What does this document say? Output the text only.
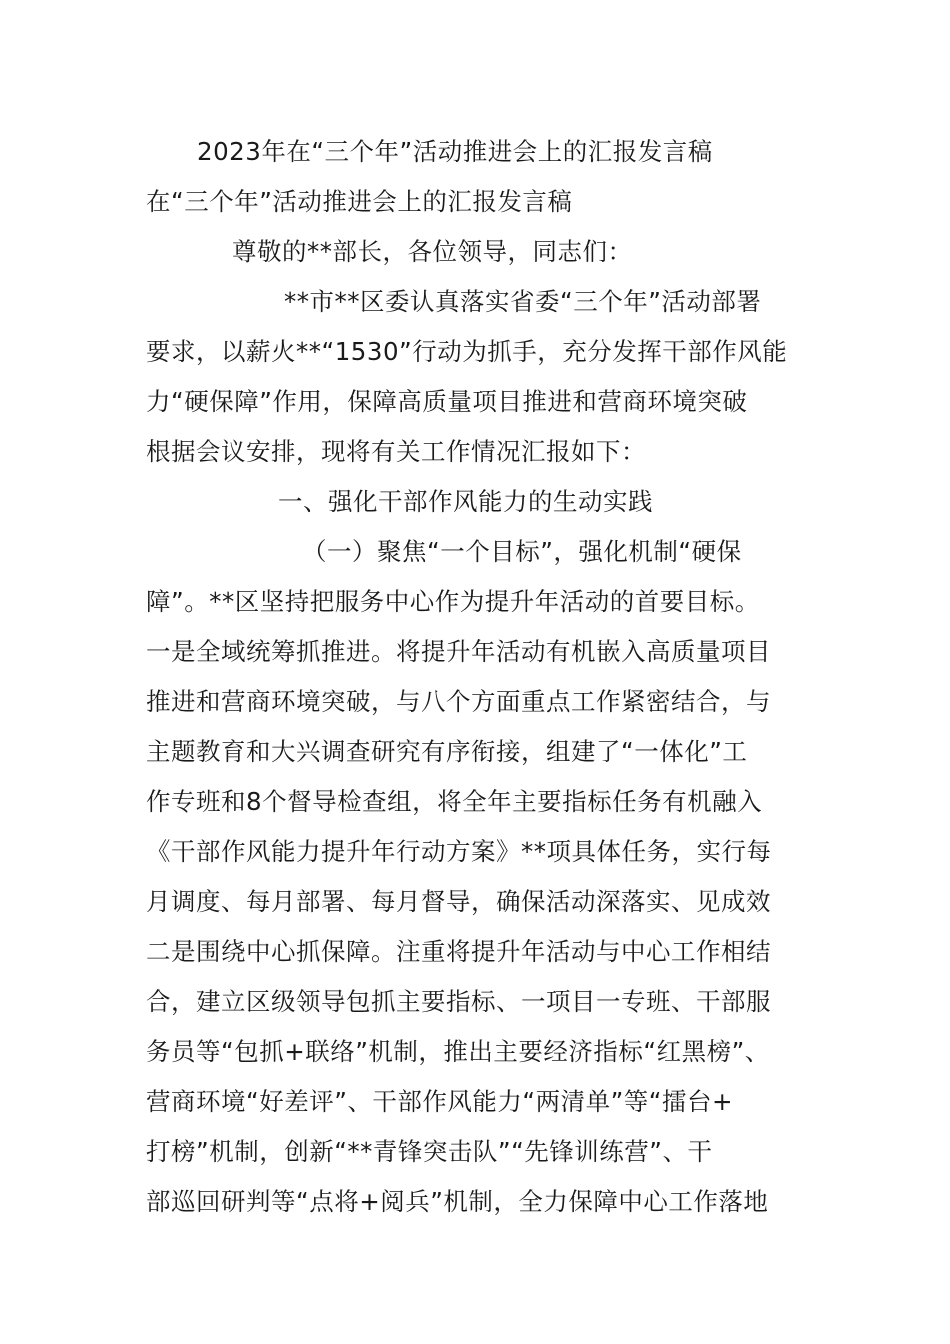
2023年在“三个年”活动推进会上的汇报发言稿
在“三个年”活动推进会上的汇报发言稿
尊敬的**部长，各位领导，同志们：
**市**区委认真落实省委“三个年”活动部署
要求，以薪火**“1530”行动为抓手，充分发挥干部作风能
力“硬保障”作用，保障高质量项目推进和营商环境突破
根据会议安排，现将有关工作情况汇报如下：
一、强化干部作风能力的生动实践
（一）聚焦“一个目标”，强化机制“硬保
障”。**区坚持把服务中心作为提升年活动的首要目标。
一是全域统筹抓推进。将提升年活动有机嵌入高质量项目
推进和营商环境突破，与八个方面重点工作紧密结合，与
主题教育和大兴调查研究有序衔接，组建了“一体化”工
作专班和8个督导检查组，将全年主要指标任务有机融入
《干部作风能力提升年行动方案》**项具体任务，实行每
月调度、每月部署、每月督导，确保活动深落实、见成效
二是围绕中心抓保障。注重将提升年活动与中心工作相结
合，建立区级领导包抓主要指标、一项目一专班、干部服
务员等“包抓+联络”机制，推出主要经济指标“红黑榜”、
营商环境“好差评”、干部作风能力“两清单”等“擂台+
打榜”机制，创新“**青锋突击队”“先锋训练营”、干
部巡回研判等“点将+阅兵”机制，全力保障中心工作落地
